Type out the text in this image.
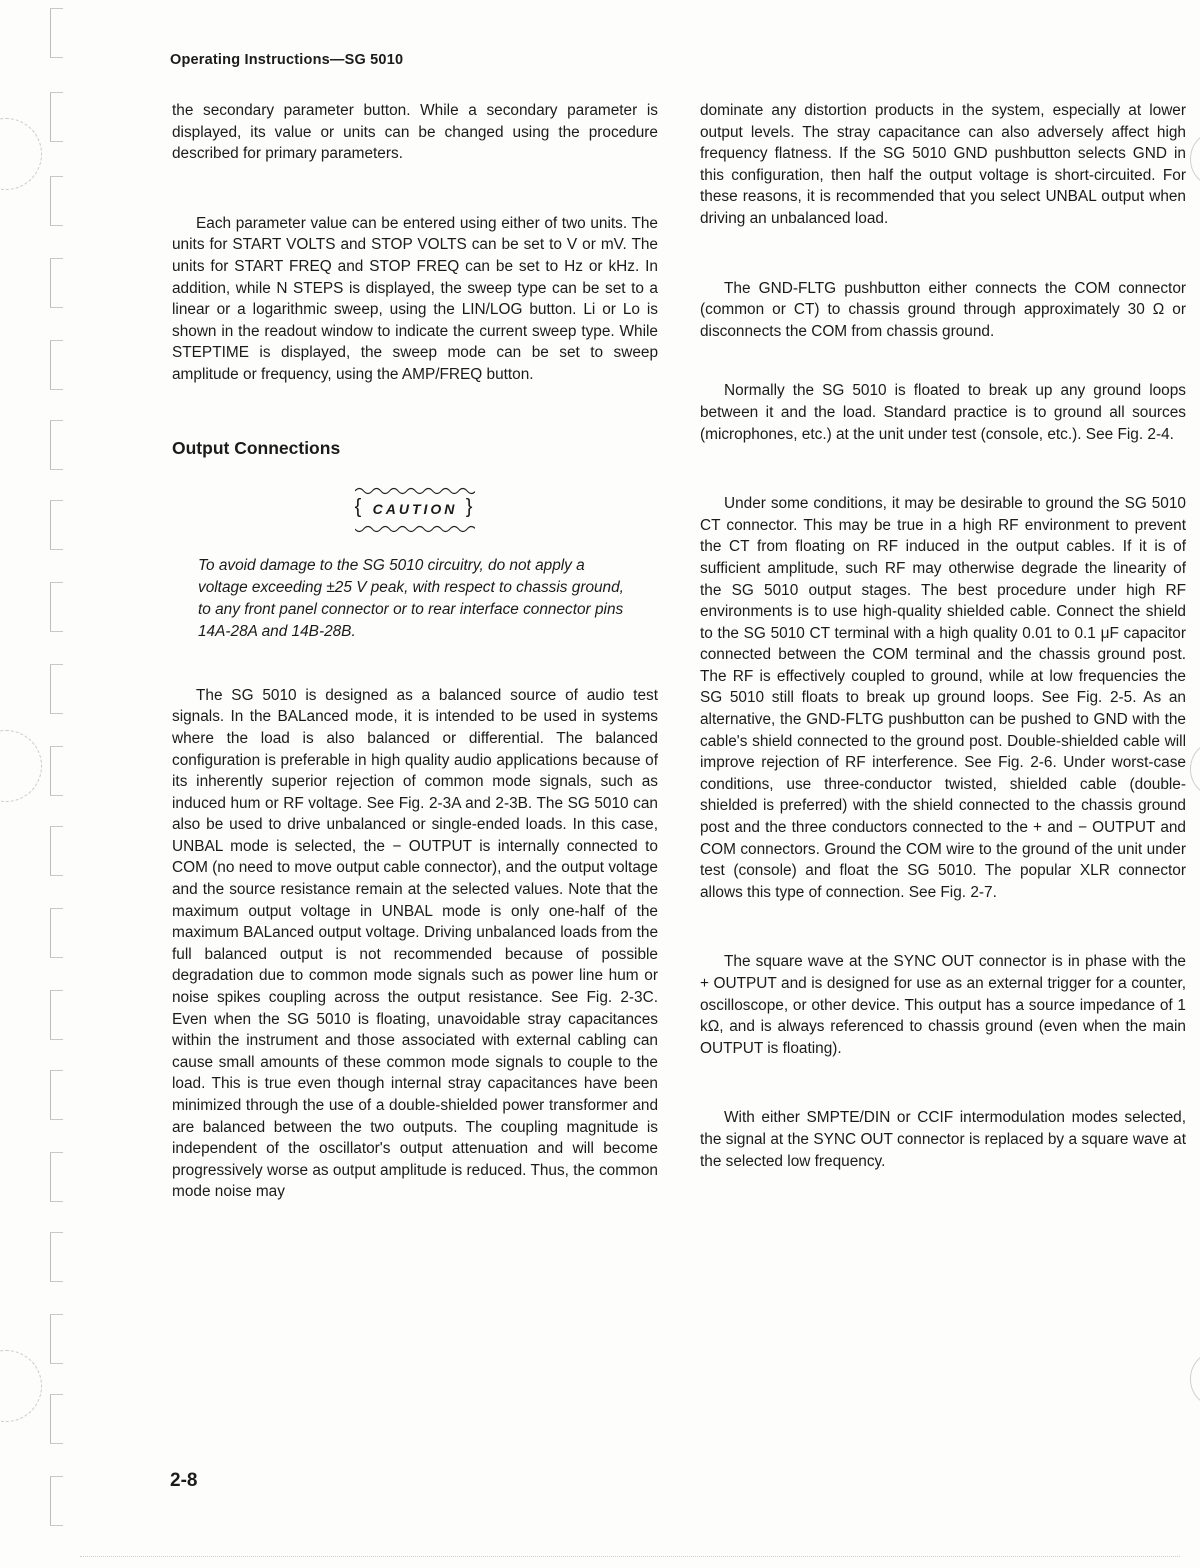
Operating Instructions—SG 5010

the secondary parameter button. While a secondary parameter is displayed, its value or units can be changed using the procedure described for primary parameters.

Each parameter value can be entered using either of two units. The units for START VOLTS and STOP VOLTS can be set to V or mV. The units for START FREQ and STOP FREQ can be set to Hz or kHz. In addition, while N STEPS is displayed, the sweep type can be set to a linear or a logarithmic sweep, using the LIN/LOG button. Li or Lo is shown in the readout window to indicate the current sweep type. While STEPTIME is displayed, the sweep mode can be set to sweep amplitude or frequency, using the AMP/FREQ button.

Output Connections
{ CAUTION }

To avoid damage to the SG 5010 circuitry, do not apply a voltage exceeding ±25 V peak, with respect to chassis ground, to any front panel connector or to rear interface connector pins 14A-28A and 14B-28B.

The SG 5010 is designed as a balanced source of audio test signals. In the BALanced mode, it is intended to be used in systems where the load is also balanced or differential. The balanced configuration is preferable in high quality audio applications because of its inherently superior rejection of common mode signals, such as induced hum or RF voltage. See Fig. 2-3A and 2-3B. The SG 5010 can also be used to drive unbalanced or single-ended loads. In this case, UNBAL mode is selected, the − OUTPUT is internally connected to COM (no need to move output cable connector), and the output voltage and the source resistance remain at the selected values. Note that the maximum output voltage in UNBAL mode is only one-half of the maximum BALanced output voltage. Driving unbalanced loads from the full balanced output is not recommended because of possible degradation due to common mode signals such as power line hum or noise spikes coupling across the output resistance. See Fig. 2-3C. Even when the SG 5010 is floating, unavoidable stray capacitances within the instrument and those associated with external cabling can cause small amounts of these common mode signals to couple to the load. This is true even though internal stray capacitances have been minimized through the use of a double-shielded power transformer and are balanced between the two outputs. The coupling magnitude is independent of the oscillator's output attenuation and will become progressively worse as output amplitude is reduced. Thus, the common mode noise may

dominate any distortion products in the system, especially at lower output levels. The stray capacitance can also adversely affect high frequency flatness. If the SG 5010 GND pushbutton selects GND in this configuration, then half the output voltage is short-circuited. For these reasons, it is recommended that you select UNBAL output when driving an unbalanced load.

The GND-FLTG pushbutton either connects the COM connector (common or CT) to chassis ground through approximately 30 Ω or disconnects the COM from chassis ground.

Normally the SG 5010 is floated to break up any ground loops between it and the load. Standard practice is to ground all sources (microphones, etc.) at the unit under test (console, etc.). See Fig. 2-4.

Under some conditions, it may be desirable to ground the SG 5010 CT connector. This may be true in a high RF environment to prevent the CT from floating on RF induced in the output cables. If it is of sufficient amplitude, such RF may otherwise degrade the linearity of the SG 5010 output stages. The best procedure under high RF environments is to use high-quality shielded cable. Connect the shield to the SG 5010 CT terminal with a high quality 0.01 to 0.1 μF capacitor connected between the COM terminal and the chassis ground post. The RF is effectively coupled to ground, while at low frequencies the SG 5010 still floats to break up ground loops. See Fig. 2-5. As an alternative, the GND-FLTG pushbutton can be pushed to GND with the cable's shield connected to the ground post. Double-shielded cable will improve rejection of RF interference. See Fig. 2-6. Under worst-case conditions, use three-conductor twisted, shielded cable (double-shielded is preferred) with the shield connected to the chassis ground post and the three conductors connected to the + and − OUTPUT and COM connectors. Ground the COM wire to the ground of the unit under test (console) and float the SG 5010. The popular XLR connector allows this type of connection. See Fig. 2-7.

The square wave at the SYNC OUT connector is in phase with the + OUTPUT and is designed for use as an external trigger for a counter, oscilloscope, or other device. This output has a source impedance of 1 kΩ, and is always referenced to chassis ground (even when the main OUTPUT is floating).

With either SMPTE/DIN or CCIF intermodulation modes selected, the signal at the SYNC OUT connector is replaced by a square wave at the selected low frequency.

2-8
